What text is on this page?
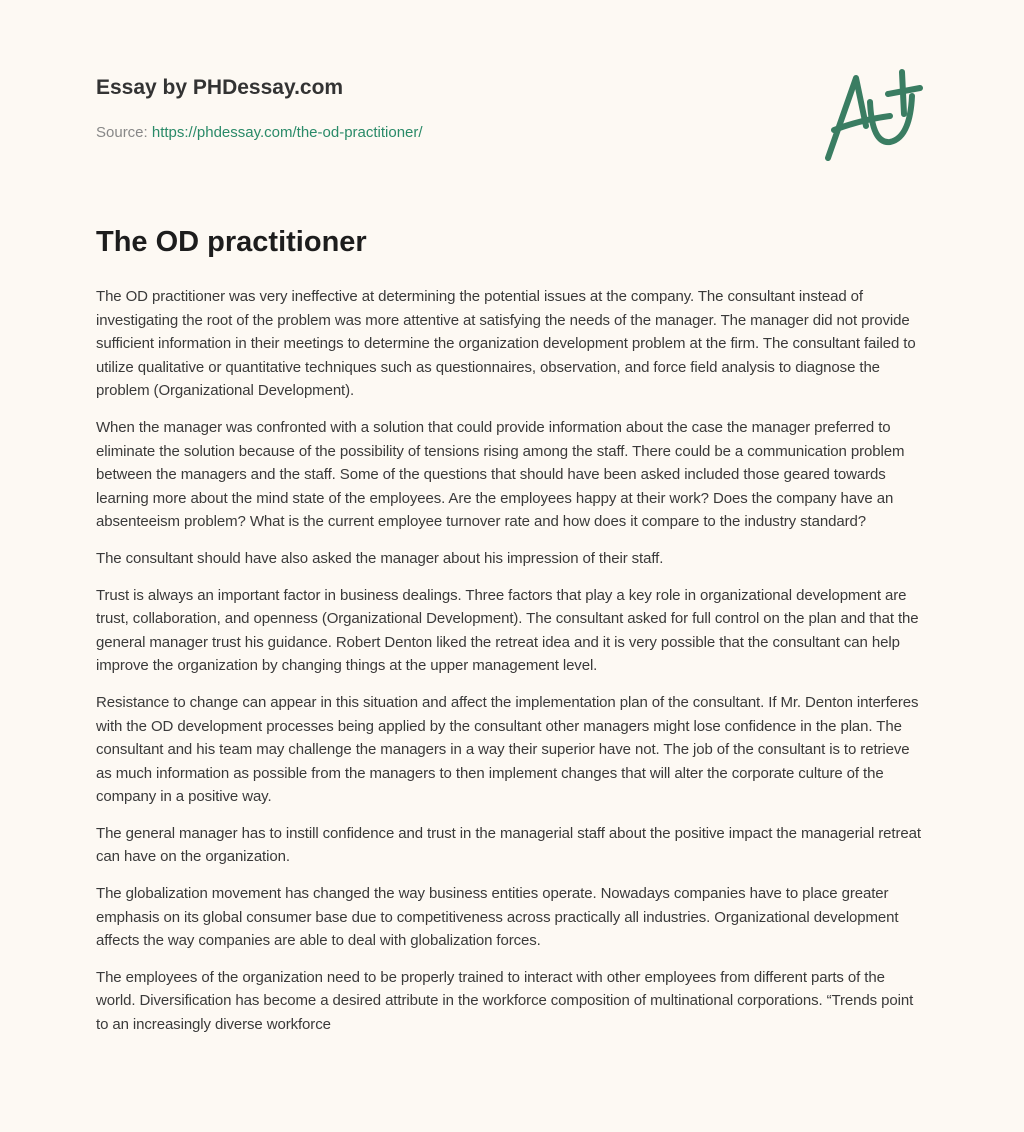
Essay by PHDessay.com
Source: https://phdessay.com/the-od-practitioner/
The OD practitioner

The OD practitioner was very ineffective at determining the potential issues at the company. The consultant instead of investigating the root of the problem was more attentive at satisfying the needs of the manager. The manager did not provide sufficient information in their meetings to determine the organization development problem at the firm. The consultant failed to utilize qualitative or quantitative techniques such as questionnaires, observation, and force field analysis to diagnose the problem (Organizational Development).

When the manager was confronted with a solution that could provide information about the case the manager preferred to eliminate the solution because of the possibility of tensions rising among the staff. There could be a communication problem between the managers and the staff. Some of the questions that should have been asked included those geared towards learning more about the mind state of the employees. Are the employees happy at their work? Does the company have an absenteeism problem? What is the current employee turnover rate and how does it compare to the industry standard?

The consultant should have also asked the manager about his impression of their staff.

Trust is always an important factor in business dealings. Three factors that play a key role in organizational development are trust, collaboration, and openness (Organizational Development). The consultant asked for full control on the plan and that the general manager trust his guidance. Robert Denton liked the retreat idea and it is very possible that the consultant can help improve the organization by changing things at the upper management level.

Resistance to change can appear in this situation and affect the implementation plan of the consultant. If Mr. Denton interferes with the OD development processes being applied by the consultant other managers might lose confidence in the plan. The consultant and his team may challenge the managers in a way their superior have not. The job of the consultant is to retrieve as much information as possible from the managers to then implement changes that will alter the corporate culture of the company in a positive way.

The general manager has to instill confidence and trust in the managerial staff about the positive impact the managerial retreat can have on the organization.

The globalization movement has changed the way business entities operate. Nowadays companies have to place greater emphasis on its global consumer base due to competitiveness across practically all industries. Organizational development affects the way companies are able to deal with globalization forces.

The employees of the organization need to be properly trained to interact with other employees from different parts of the world. Diversification has become a desired attribute in the workforce composition of multinational corporations. “Trends point to an increasingly diverse workforce
